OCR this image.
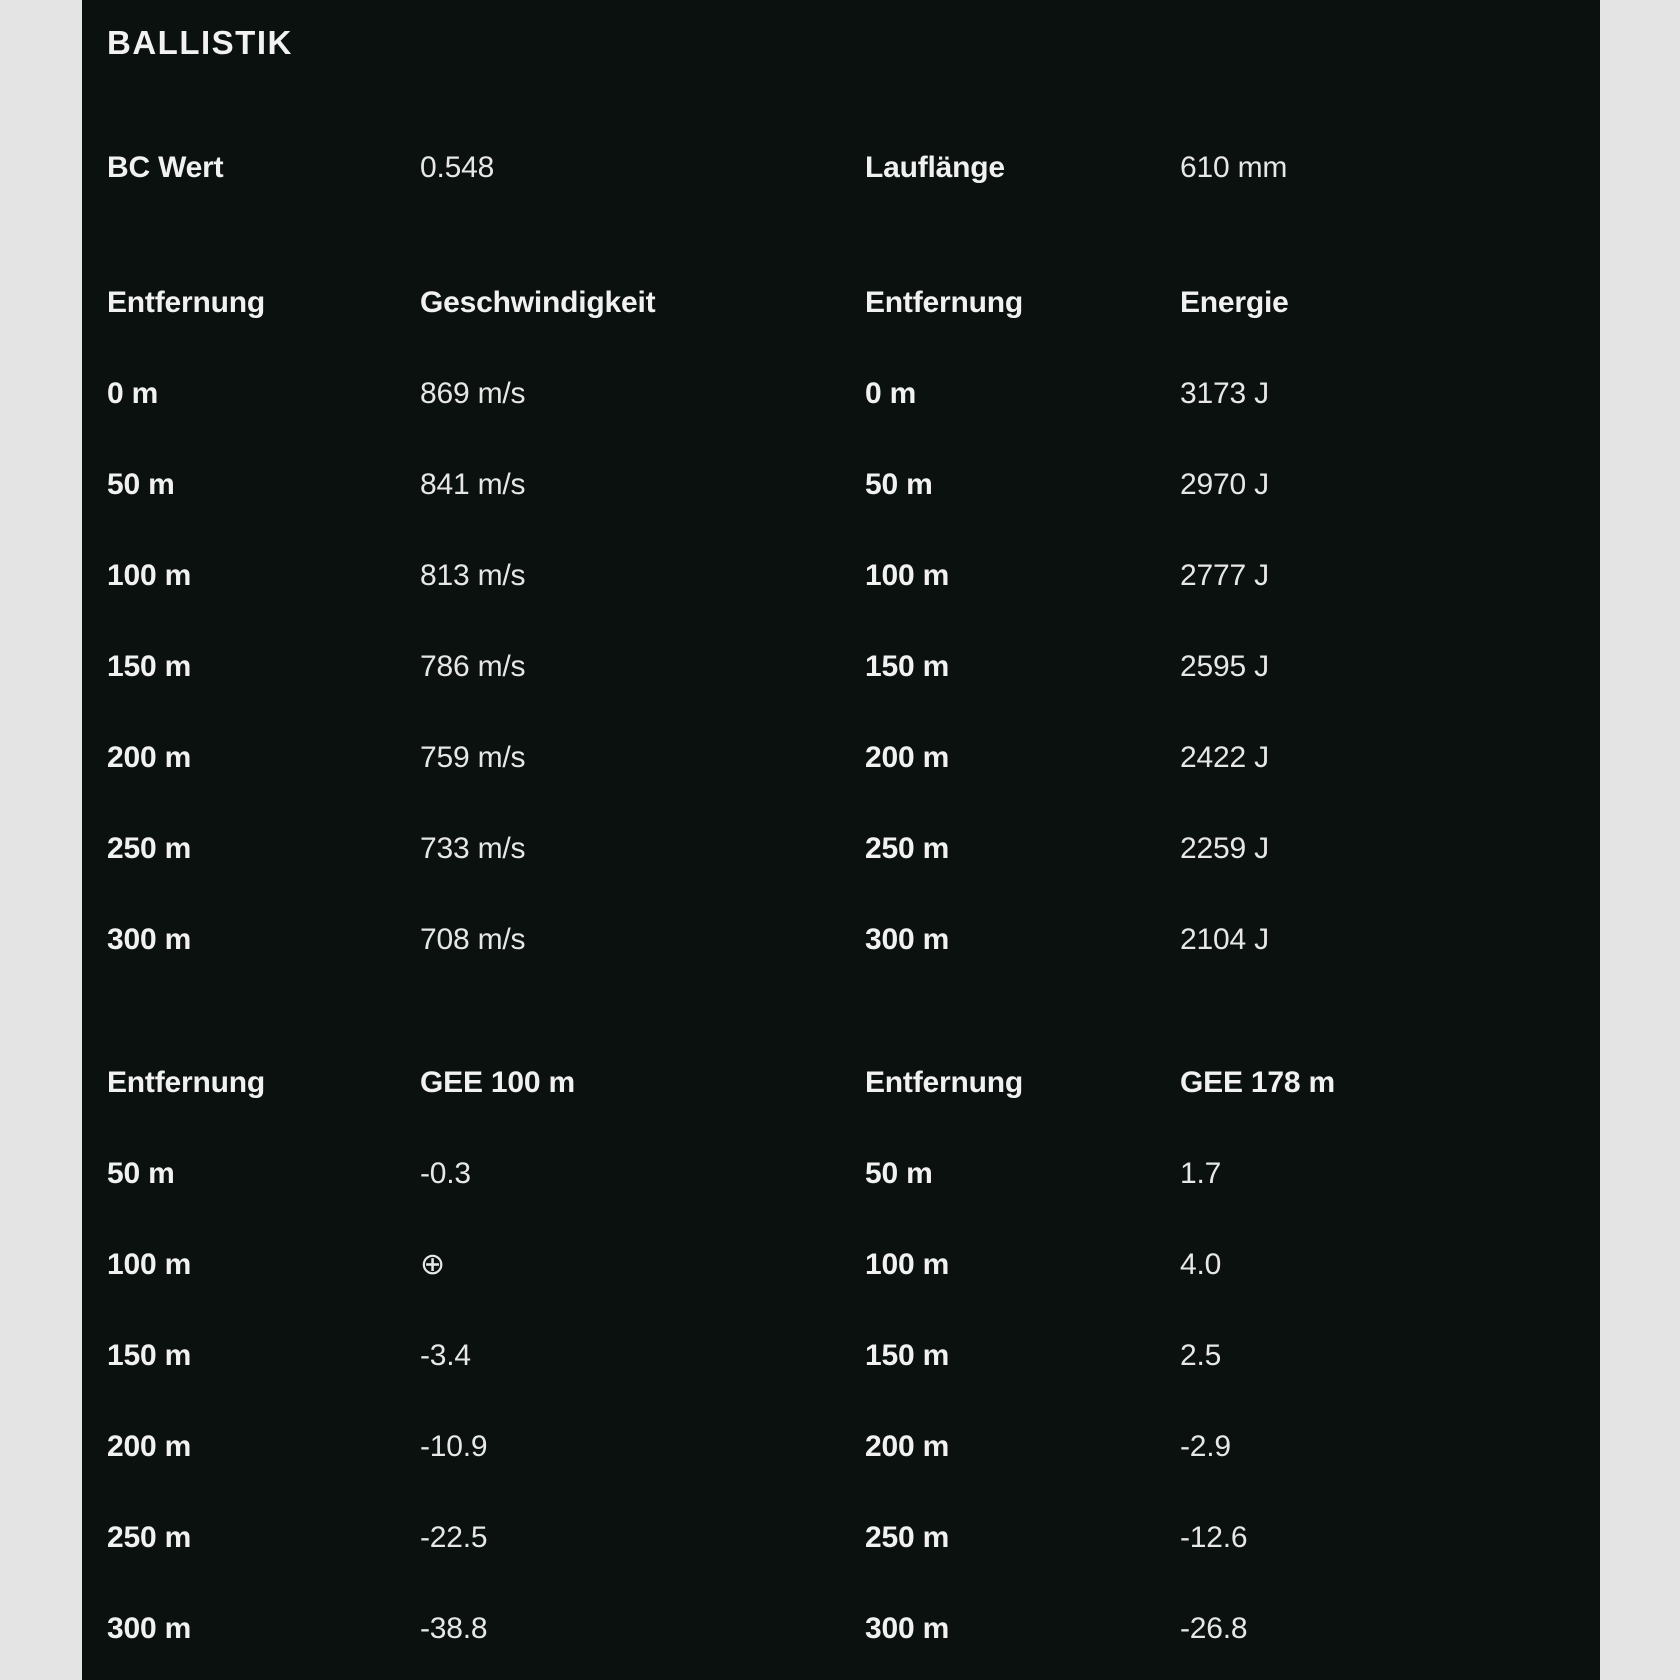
BALLISTIK
BC Wert	0.548	Lauflänge	610 mm
Entfernung	Geschwindigkeit	Entfernung	Energie
0 m	869 m/s	0 m	3173 J
50 m	841 m/s	50 m	2970 J
100 m	813 m/s	100 m	2777 J
150 m	786 m/s	150 m	2595 J
200 m	759 m/s	200 m	2422 J
250 m	733 m/s	250 m	2259 J
300 m	708 m/s	300 m	2104 J
Entfernung	GEE 100 m	Entfernung	GEE 178 m
50 m	-0.3	50 m	1.7
100 m	⊕	100 m	4.0
150 m	-3.4	150 m	2.5
200 m	-10.9	200 m	-2.9
250 m	-22.5	250 m	-12.6
300 m	-38.8	300 m	-26.8
